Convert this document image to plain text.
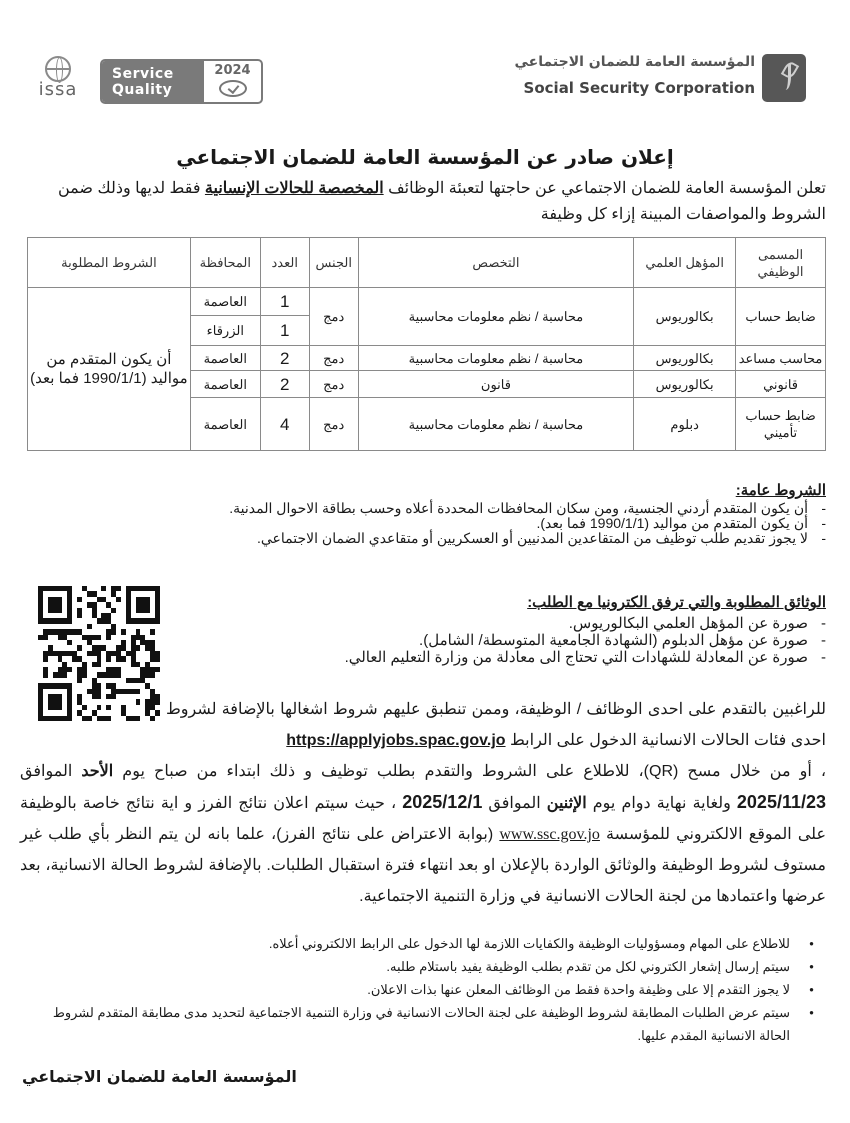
issa
Service
Quality
2024
المؤسسة العامة للضمان الاجتماعي
Social Security Corporation
إعلان صادر عن المؤسسة العامة للضمان الاجتماعي
تعلن المؤسسة العامة للضمان الاجتماعي عن حاجتها لتعبئة الوظائف المخصصة للحالات الإنسانية فقط لديها وذلك ضمن الشروط والمواصفات المبينة إزاء كل وظيفة
المسمى الوظيفي	المؤهل العلمي	التخصص	الجنس	العدد	المحافظة	الشروط المطلوبة
ضابط حساب	بكالوريوس	محاسبة / نظم معلومات محاسبية	دمج	1	العاصمة	أن يكون المتقدم من مواليد (1990/1/1 فما بعد)
				1	الزرقاء	
محاسب مساعد	بكالوريوس	محاسبة / نظم معلومات محاسبية	دمج	2	العاصمة	
قانوني	بكالوريوس	قانون	دمج	2	العاصمة	
ضابط حساب تأميني	دبلوم	محاسبة / نظم معلومات محاسبية	دمج	4	العاصمة	
الشروط عامة:
- أن يكون المتقدم أردني الجنسية، ومن سكان المحافظات المحددة أعلاه وحسب بطاقة الاحوال المدنية.
- أن يكون المتقدم من مواليد (1990/1/1 فما بعد).
- لا يجوز تقديم طلب توظيف من المتقاعدين المدنيين أو العسكريين أو متقاعدي الضمان الاجتماعي.
الوثائق المطلوبة والتي ترفق الكترونيا مع الطلب:
- صورة عن المؤهل العلمي البكالوريوس.
- صورة عن مؤهل الدبلوم (الشهادة الجامعية المتوسطة/ الشامل).
- صورة عن المعادلة للشهادات التي تحتاج الى معادلة من وزارة التعليم العالي.
للراغبين بالتقدم على احدى الوظائف / الوظيفة، وممن تنطبق عليهم شروط اشغالها بالإضافة لشروط احدى فئات الحالات الانسانية الدخول على الرابط https://applyjobs.spac.gov.jo
، أو من خلال مسح (QR)، للاطلاع على الشروط والتقدم بطلب توظيف و ذلك ابتداء من صباح يوم الأحد الموافق 2025/11/23 ولغاية نهاية دوام يوم الإثنين الموافق 2025/12/1 ، حيث سيتم اعلان نتائج الفرز و اية نتائج خاصة بالوظيفة على الموقع الالكتروني للمؤسسة www.ssc.gov.jo (بوابة الاعتراض على نتائج الفرز)، علما بانه لن يتم النظر بأي طلب غير مستوف لشروط الوظيفة والوثائق الواردة بالإعلان او بعد انتهاء فترة استقبال الطلبات. بالإضافة لشروط الحالة الانسانية، بعد عرضها واعتمادها من لجنة الحالات الانسانية في وزارة التنمية الاجتماعية.
● للاطلاع على المهام ومسؤوليات الوظيفة والكفايات اللازمة لها الدخول على الرابط الالكتروني أعلاه.
● سيتم إرسال إشعار الكتروني لكل من تقدم بطلب الوظيفة يفيد باستلام طلبه.
● لا يجوز التقدم إلا على وظيفة واحدة فقط من الوظائف المعلن عنها بذات الاعلان.
● سيتم عرض الطلبات المطابقة لشروط الوظيفة على لجنة الحالات الانسانية في وزارة التنمية الاجتماعية لتحديد مدى مطابقة المتقدم لشروط الحالة الانسانية المقدم عليها.
المؤسسة العامة للضمان الاجتماعي
